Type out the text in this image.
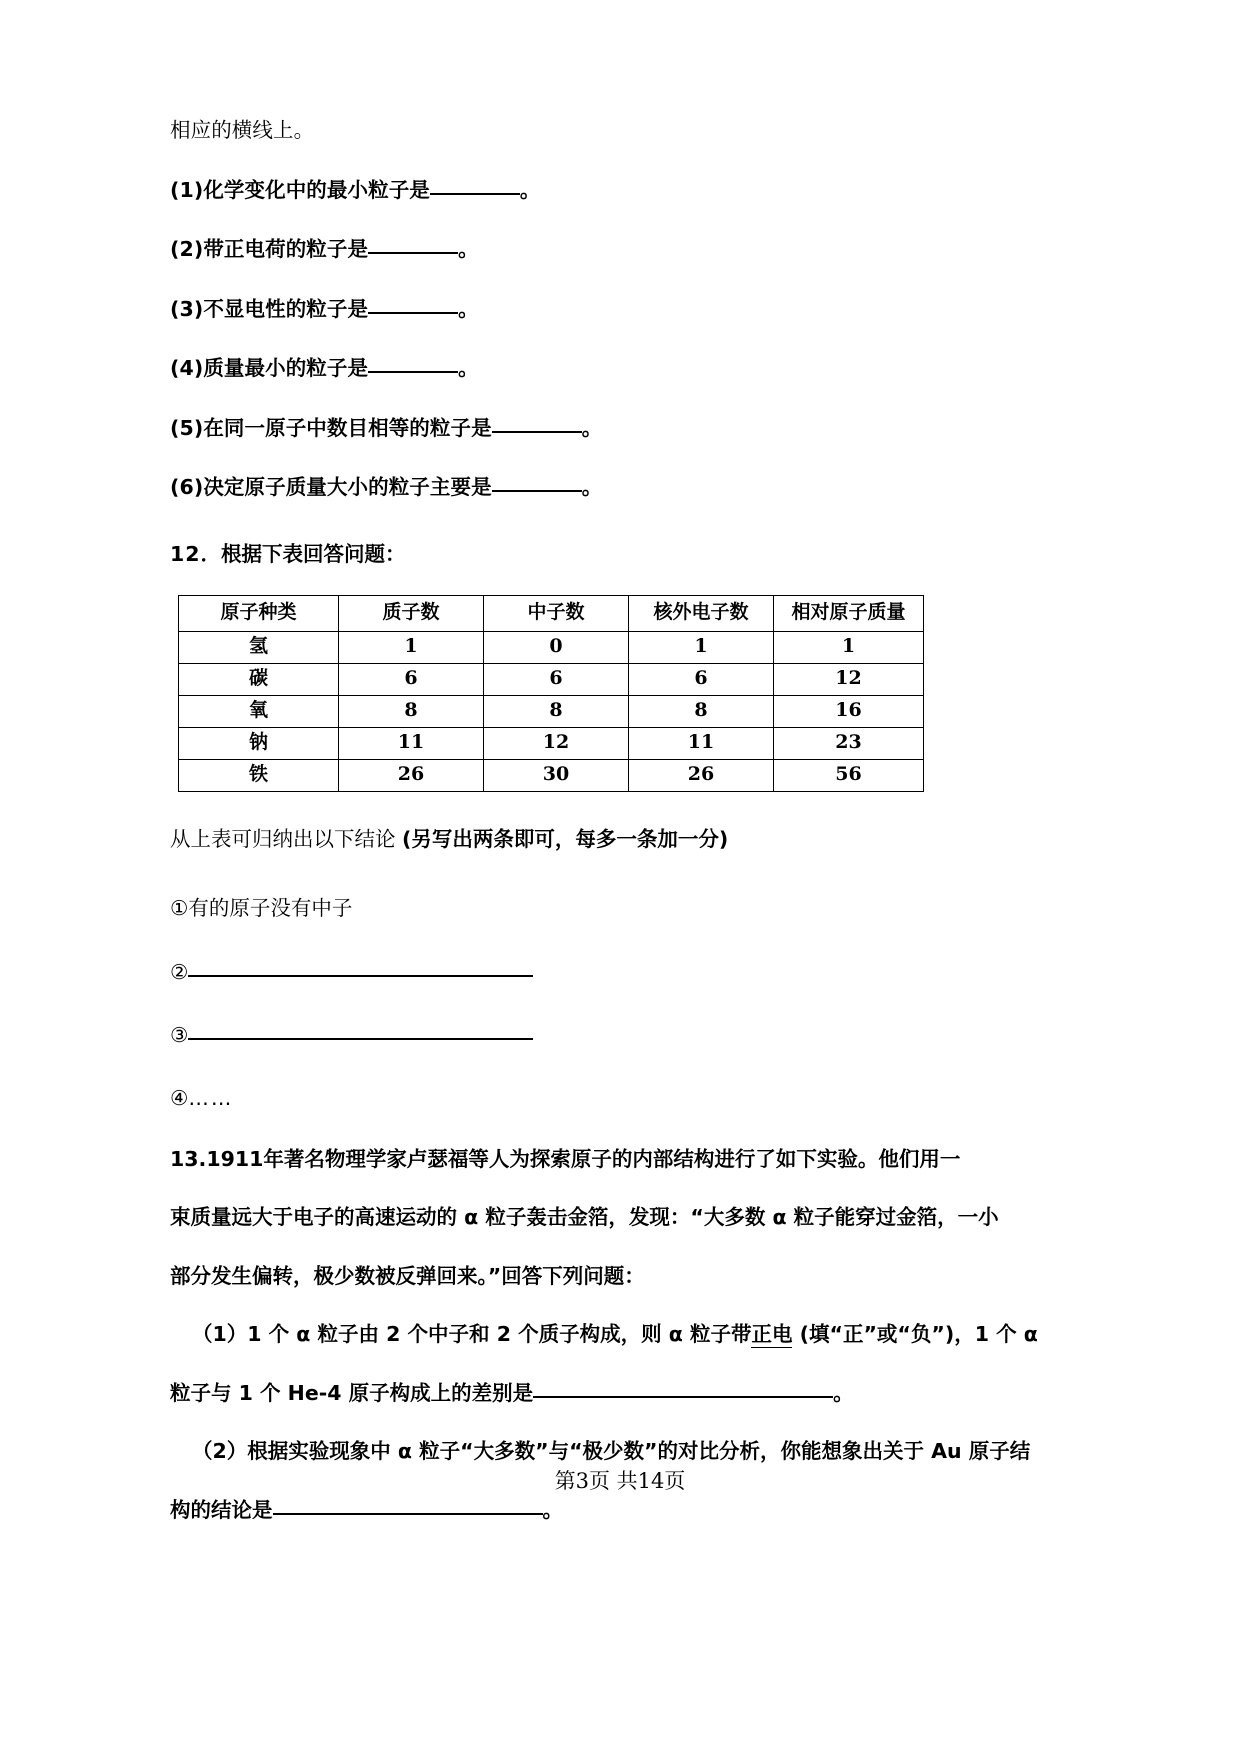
相应的横线上。

(1)化学变化中的最小粒子是	。

(2)带正电荷的粒子是	。

(3)不显电性的粒子是	。

(4)质量最小的粒子是	。

(5)在同一原子中数目相等的粒子是	。

(6)决定原子质量大小的粒子主要是	。

12．根据下表回答问题：

原子种类	质子数	中子数	核外电子数	相对原子质量
氢	1	0	1	1
碳	6	6	6	12
氧	8	8	8	16
钠	11	12	11	23
铁	26	30	26	56

从上表可归纳出以下结论 (另写出两条即可，每多一条加一分)

①有的原子没有中子

②

③

④……

13.1911年著名物理学家卢瑟福等人为探索原子的内部结构进行了如下实验。他们用一

束质量远大于电子的高速运动的 α 粒子轰击金箔，发现：“大多数 α 粒子能穿过金箔，一小

部分发生偏转，极少数被反弹回来。”回答下列问题：

（1）1 个 α 粒子由 2 个中子和 2 个质子构成，则 α 粒子带正电 (填“正”或“负”)，1 个 α

粒子与 1 个 He-4 原子构成上的差别是	。

（2）根据实验现象中 α 粒子“大多数”与“极少数”的对比分析，你能想象出关于 Au 原子结

构的结论是	。

第3页 共14页
